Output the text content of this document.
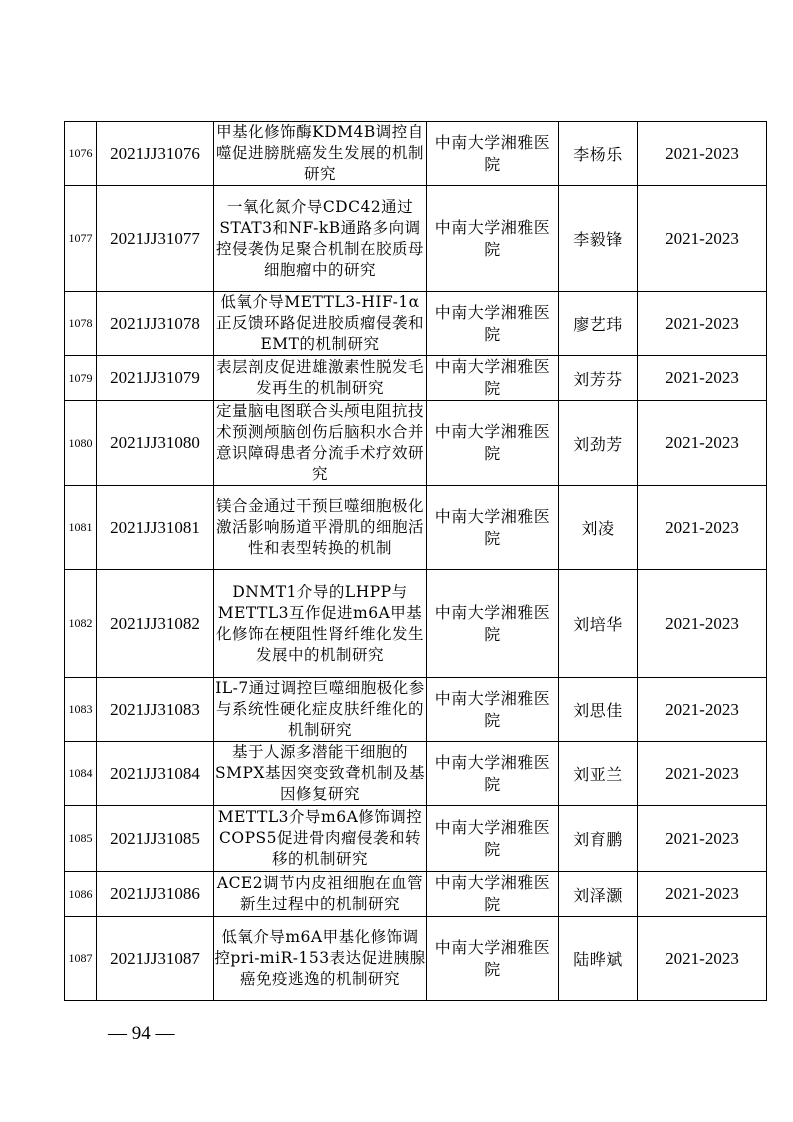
1076	2021JJ31076	甲基化修饰酶KDM4B调控自噬促进膀胱癌发生发展的机制研究	中南大学湘雅医院	李杨乐	2021-2023
1077	2021JJ31077	一氧化氮介导CDC42通过STAT3和NF-kB通路多向调控侵袭伪足聚合机制在胶质母细胞瘤中的研究	中南大学湘雅医院	李毅锋	2021-2023
1078	2021JJ31078	低氧介导METTL3-HIF-1α正反馈环路促进胶质瘤侵袭和EMT的机制研究	中南大学湘雅医院	廖艺玮	2021-2023
1079	2021JJ31079	表层剖皮促进雄激素性脱发毛发再生的机制研究	中南大学湘雅医院	刘芳芬	2021-2023
1080	2021JJ31080	定量脑电图联合头颅电阻抗技术预测颅脑创伤后脑积水合并意识障碍患者分流手术疗效研究	中南大学湘雅医院	刘劲芳	2021-2023
1081	2021JJ31081	镁合金通过干预巨噬细胞极化激活影响肠道平滑肌的细胞活性和表型转换的机制	中南大学湘雅医院	刘凌	2021-2023
1082	2021JJ31082	DNMT1介导的LHPP与METTL3互作促进m6A甲基化修饰在梗阻性肾纤维化发生发展中的机制研究	中南大学湘雅医院	刘培华	2021-2023
1083	2021JJ31083	IL-7通过调控巨噬细胞极化参与系统性硬化症皮肤纤维化的机制研究	中南大学湘雅医院	刘思佳	2021-2023
1084	2021JJ31084	基于人源多潜能干细胞的SMPX基因突变致聋机制及基因修复研究	中南大学湘雅医院	刘亚兰	2021-2023
1085	2021JJ31085	METTL3介导m6A修饰调控COPS5促进骨肉瘤侵袭和转移的机制研究	中南大学湘雅医院	刘育鹏	2021-2023
1086	2021JJ31086	ACE2调节内皮祖细胞在血管新生过程中的机制研究	中南大学湘雅医院	刘泽灏	2021-2023
1087	2021JJ31087	低氧介导m6A甲基化修饰调控pri-miR-153表达促进胰腺癌免疫逃逸的机制研究	中南大学湘雅医院	陆晔斌	2021-2023
— 94 —
